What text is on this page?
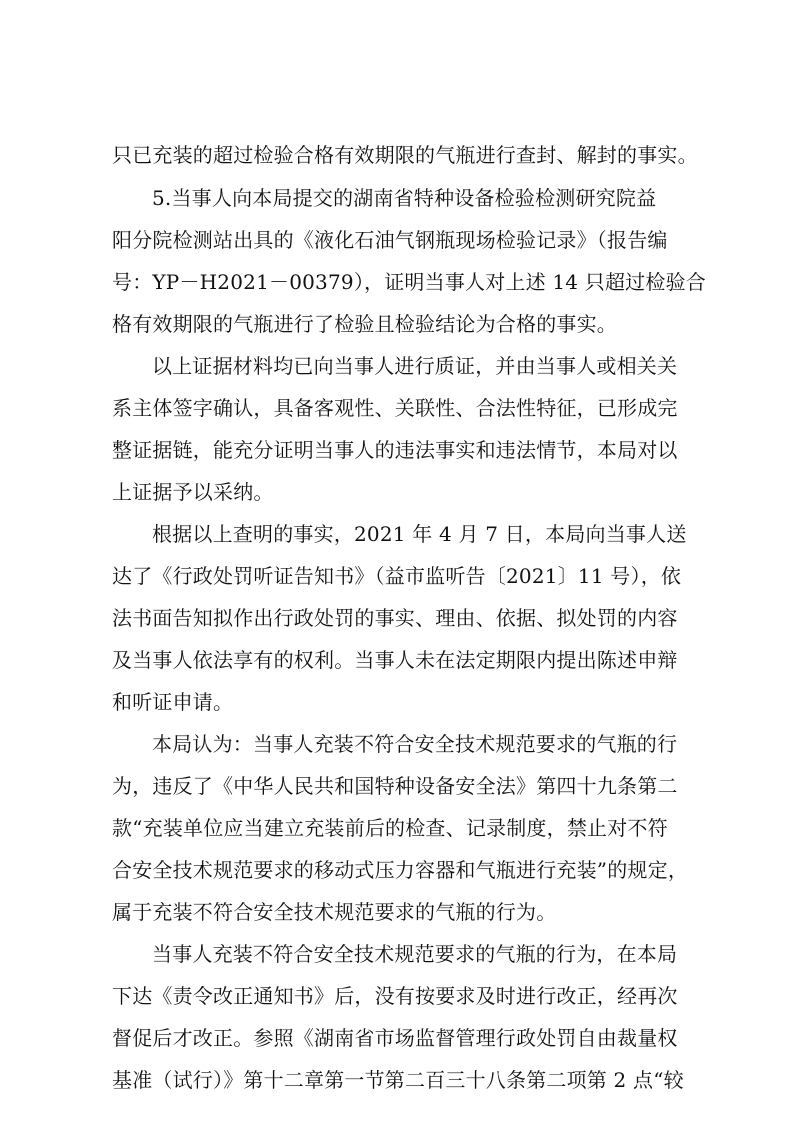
只已充装的超过检验合格有效期限的气瓶进行查封、解封的事实。
5.当事人向本局提交的湖南省特种设备检验检测研究院益
阳分院检测站出具的《液化石油气钢瓶现场检验记录》（报告编
号：YP－H2021－00379），证明当事人对上述 14 只超过检验合
格有效期限的气瓶进行了检验且检验结论为合格的事实。
以上证据材料均已向当事人进行质证，并由当事人或相关关
系主体签字确认，具备客观性、关联性、合法性特征，已形成完
整证据链，能充分证明当事人的违法事实和违法情节，本局对以
上证据予以采纳。
根据以上查明的事实，2021 年 4 月 7 日，本局向当事人送
达了《行政处罚听证告知书》（益市监听告〔2021〕11 号），依
法书面告知拟作出行政处罚的事实、理由、依据、拟处罚的内容
及当事人依法享有的权利。当事人未在法定期限内提出陈述申辩
和听证申请。
本局认为：当事人充装不符合安全技术规范要求的气瓶的行
为，违反了《中华人民共和国特种设备安全法》第四十九条第二
款“充装单位应当建立充装前后的检查、记录制度，禁止对不符
合安全技术规范要求的移动式压力容器和气瓶进行充装”的规定，
属于充装不符合安全技术规范要求的气瓶的行为。
当事人充装不符合安全技术规范要求的气瓶的行为，在本局
下达《责令改正通知书》后，没有按要求及时进行改正，经再次
督促后才改正。参照《湖南省市场监督管理行政处罚自由裁量权
基准（试行）》第十二章第一节第二百三十八条第二项第 2 点“较
